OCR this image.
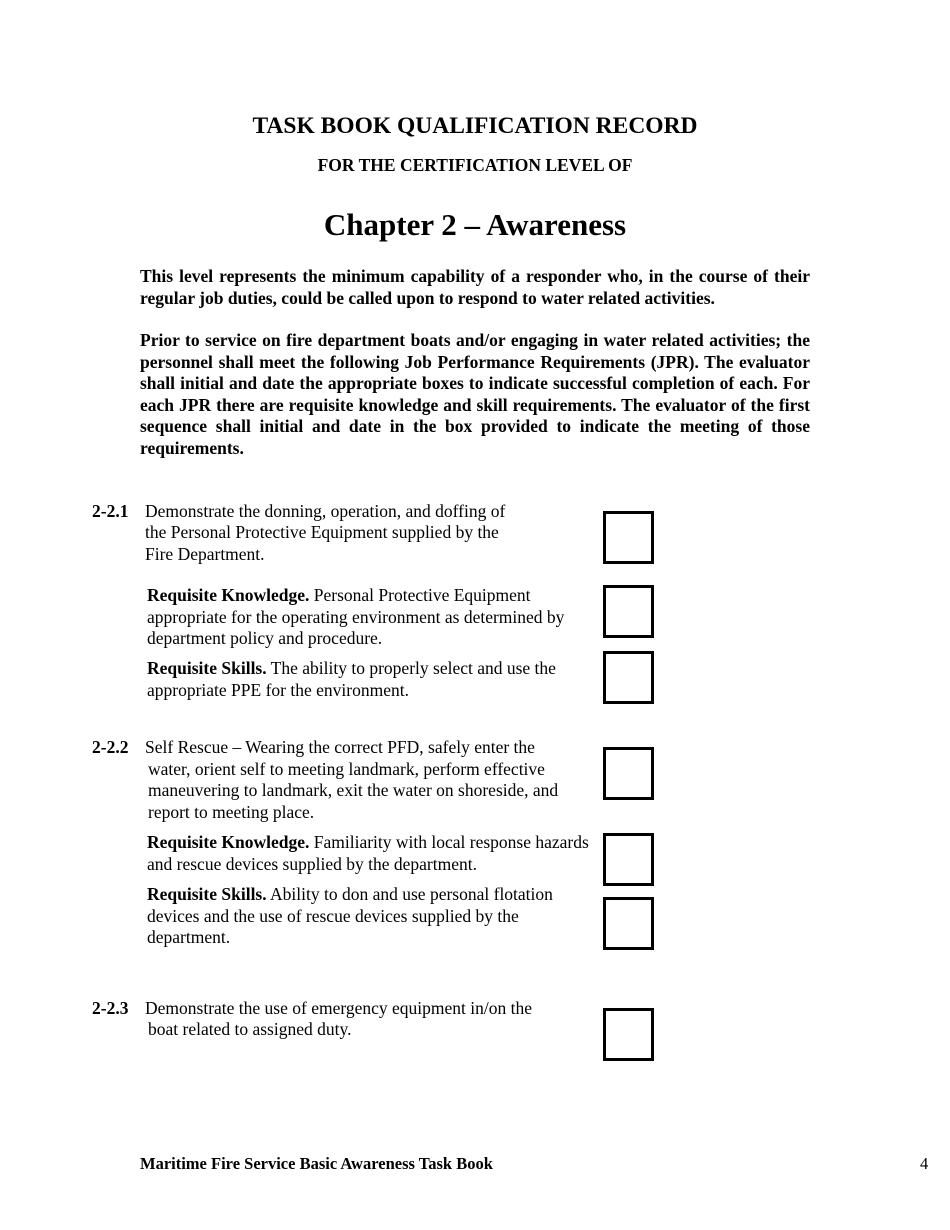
TASK BOOK QUALIFICATION RECORD
FOR THE CERTIFICATION LEVEL OF
Chapter 2 – Awareness

This level represents the minimum capability of a responder who, in the course of their regular job duties, could be called upon to respond to water related activities.

Prior to service on fire department boats and/or engaging in water related activities; the personnel shall meet the following Job Performance Requirements (JPR). The evaluator shall initial and date the appropriate boxes to indicate successful completion of each. For each JPR there are requisite knowledge and skill requirements. The evaluator of the first sequence shall initial and date in the box provided to indicate the meeting of those requirements.

2-2.1 Demonstrate the donning, operation, and doffing of
the Personal Protective Equipment supplied by the
Fire Department.

Requisite Knowledge. Personal Protective Equipment appropriate for the operating environment as determined by department policy and procedure.

Requisite Skills. The ability to properly select and use the appropriate PPE for the environment.

2-2.2 Self Rescue – Wearing the correct PFD, safely enter the
water, orient self to meeting landmark, perform effective
maneuvering to landmark, exit the water on shoreside, and
report to meeting place.

Requisite Knowledge. Familiarity with local response hazards and rescue devices supplied by the department.

Requisite Skills. Ability to don and use personal flotation devices and the use of rescue devices supplied by the department.

2-2.3 Demonstrate the use of emergency equipment in/on the
boat related to assigned duty.
Maritime Fire Service Basic Awareness Task Book	4
